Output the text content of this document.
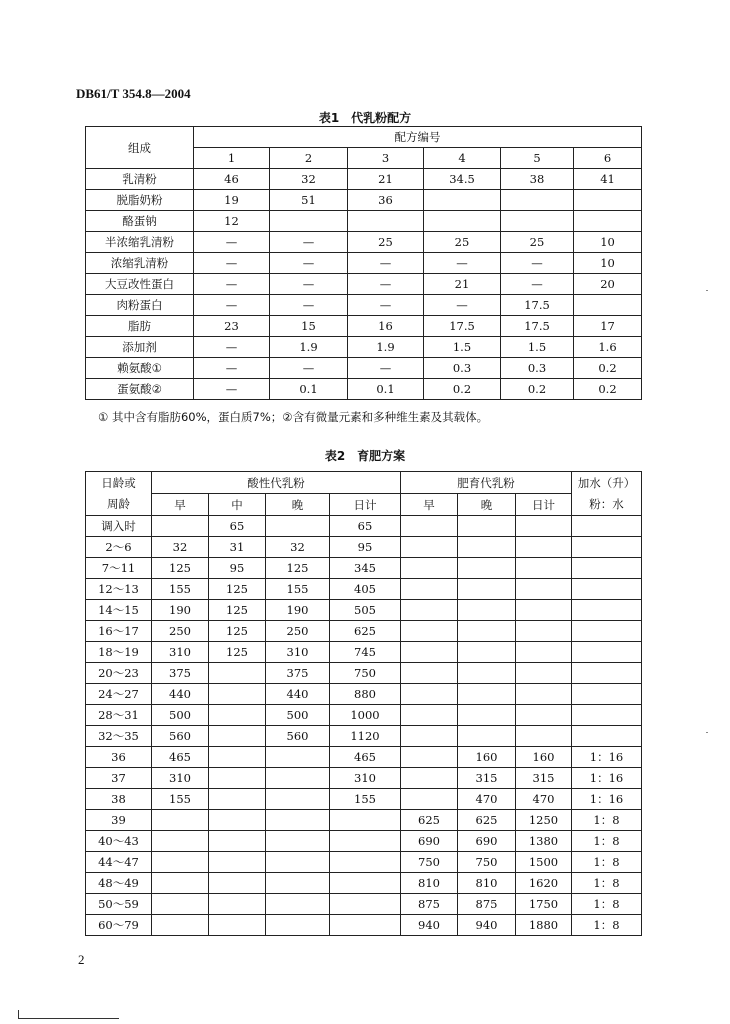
DB61/T 354.8—2004
表1　代乳粉配方
组成	配方编号					
	1	2	3	4	5	6
乳清粉	46	32	21	34.5	38	41
脱脂奶粉	19	51	36			
酪蛋钠	12					
半浓缩乳清粉	—	—	25	25	25	10
浓缩乳清粉	—	—	—	—	—	10
大豆改性蛋白	—	—	—	21	—	20
肉粉蛋白	—	—	—	—	17.5	
脂肪	23	15	16	17.5	17.5	17
添加剂	—	1.9	1.9	1.5	1.5	1.6
赖氨酸①	—	—	—	0.3	0.3	0.2
蛋氨酸②	—	0.1	0.1	0.2	0.2	0.2
① 其中含有脂肪60%，蛋白质7%；②含有微量元素和多种维生素及其载体。
表2　育肥方案
日龄或	酸性代乳粉				肥育代乳粉			加水（升）
周龄	早	中	晚	日计	早	晚	日计	粉：水
调入时		65		65				
2～6	32	31	32	95				
7～11	125	95	125	345				
12～13	155	125	155	405				
14～15	190	125	190	505				
16～17	250	125	250	625				
18～19	310	125	310	745				
20～23	375		375	750				
24～27	440		440	880				
28～31	500		500	1000				
32～35	560		560	1120				
36	465			465		160	160	1：16
37	310			310		315	315	1：16
38	155			155		470	470	1：16
39					625	625	1250	1：8
40～43					690	690	1380	1：8
44～47					750	750	1500	1：8
48～49					810	810	1620	1：8
50～59					875	875	1750	1：8
60～79					940	940	1880	1：8
2
